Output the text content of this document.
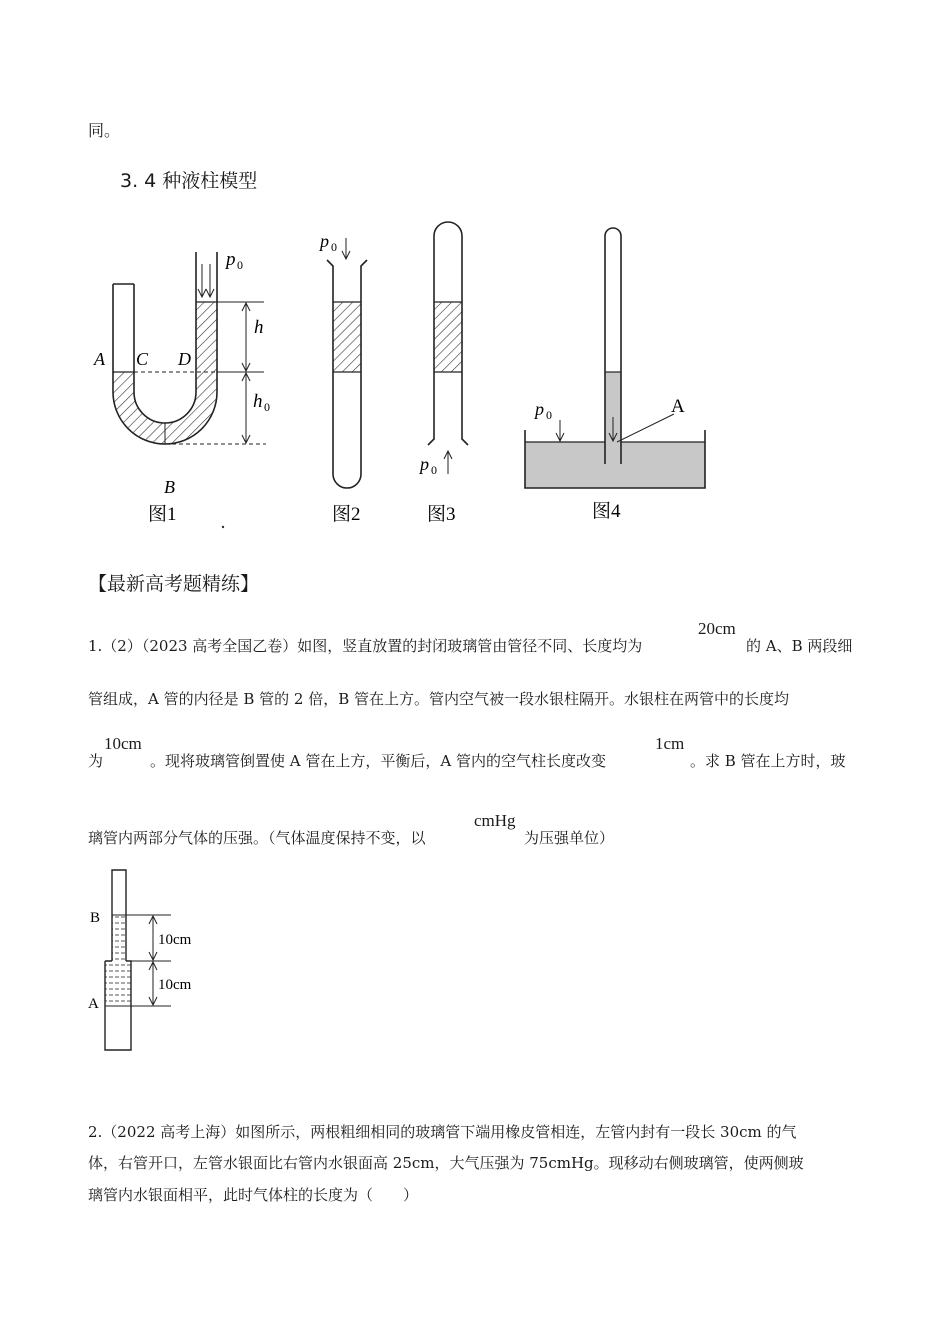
同。
3. 4 种液柱模型
p 0
h
h 0
A C D
B
图1
p 0
图2
p 0
图3
p 0	A
图4
【最新高考题精练】
1.（2）（2023 高考全国乙卷）如图，竖直放置的封闭玻璃管由管径不同、长度均为
20cm
的 A、B 两段细
管组成，A 管的内径是 B 管的 2 倍，B 管在上方。管内空气被一段水银柱隔开。水银柱在两管中的长度均
为
10cm
。现将玻璃管倒置使 A 管在上方，平衡后，A 管内的空气柱长度改变
1cm
。求 B 管在上方时，玻
璃管内两部分气体的压强。（气体温度保持不变，以
cmHg
为压强单位）
B
A
10cm
10cm
2.（2022 高考上海）如图所示，两根粗细相同的玻璃管下端用橡皮管相连，左管内封有一段长 30cm 的气
体，右管开口，左管水银面比右管内水银面高 25cm，大气压强为 75cmHg。现移动右侧玻璃管，使两侧玻
璃管内水银面相平，此时气体柱的长度为（　　）
